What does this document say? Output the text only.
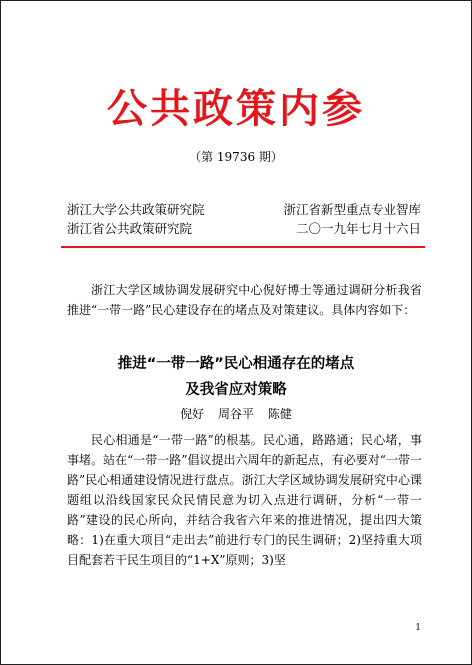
公共政策内参
（第 19736 期）
浙江大学公共政策研究院
浙江省公共政策研究院
浙江省新型重点专业智库
二〇一九年七月十六日
浙江大学区域协调发展研究中心倪好博士等通过调研分析我省推进“一带一路”民心建设存在的堵点及对策建议。具体内容如下：
推进“一带一路”民心相通存在的堵点
及我省应对策略
倪好 周谷平 陈健
民心相通是“一带一路”的根基。民心通，路路通；民心堵，事事堵。站在“一带一路”倡议提出六周年的新起点，有必要对“一带一路”民心相通建设情况进行盘点。浙江大学区域协调发展研究中心课题组以沿线国家民众民情民意为切入点进行调研，分析“一带一路”建设的民心所向，并结合我省六年来的推进情况，提出四大策略：1)在重大项目“走出去”前进行专门的民生调研；2)坚持重大项目配套若干民生项目的“1+X”原则；3)坚
1
